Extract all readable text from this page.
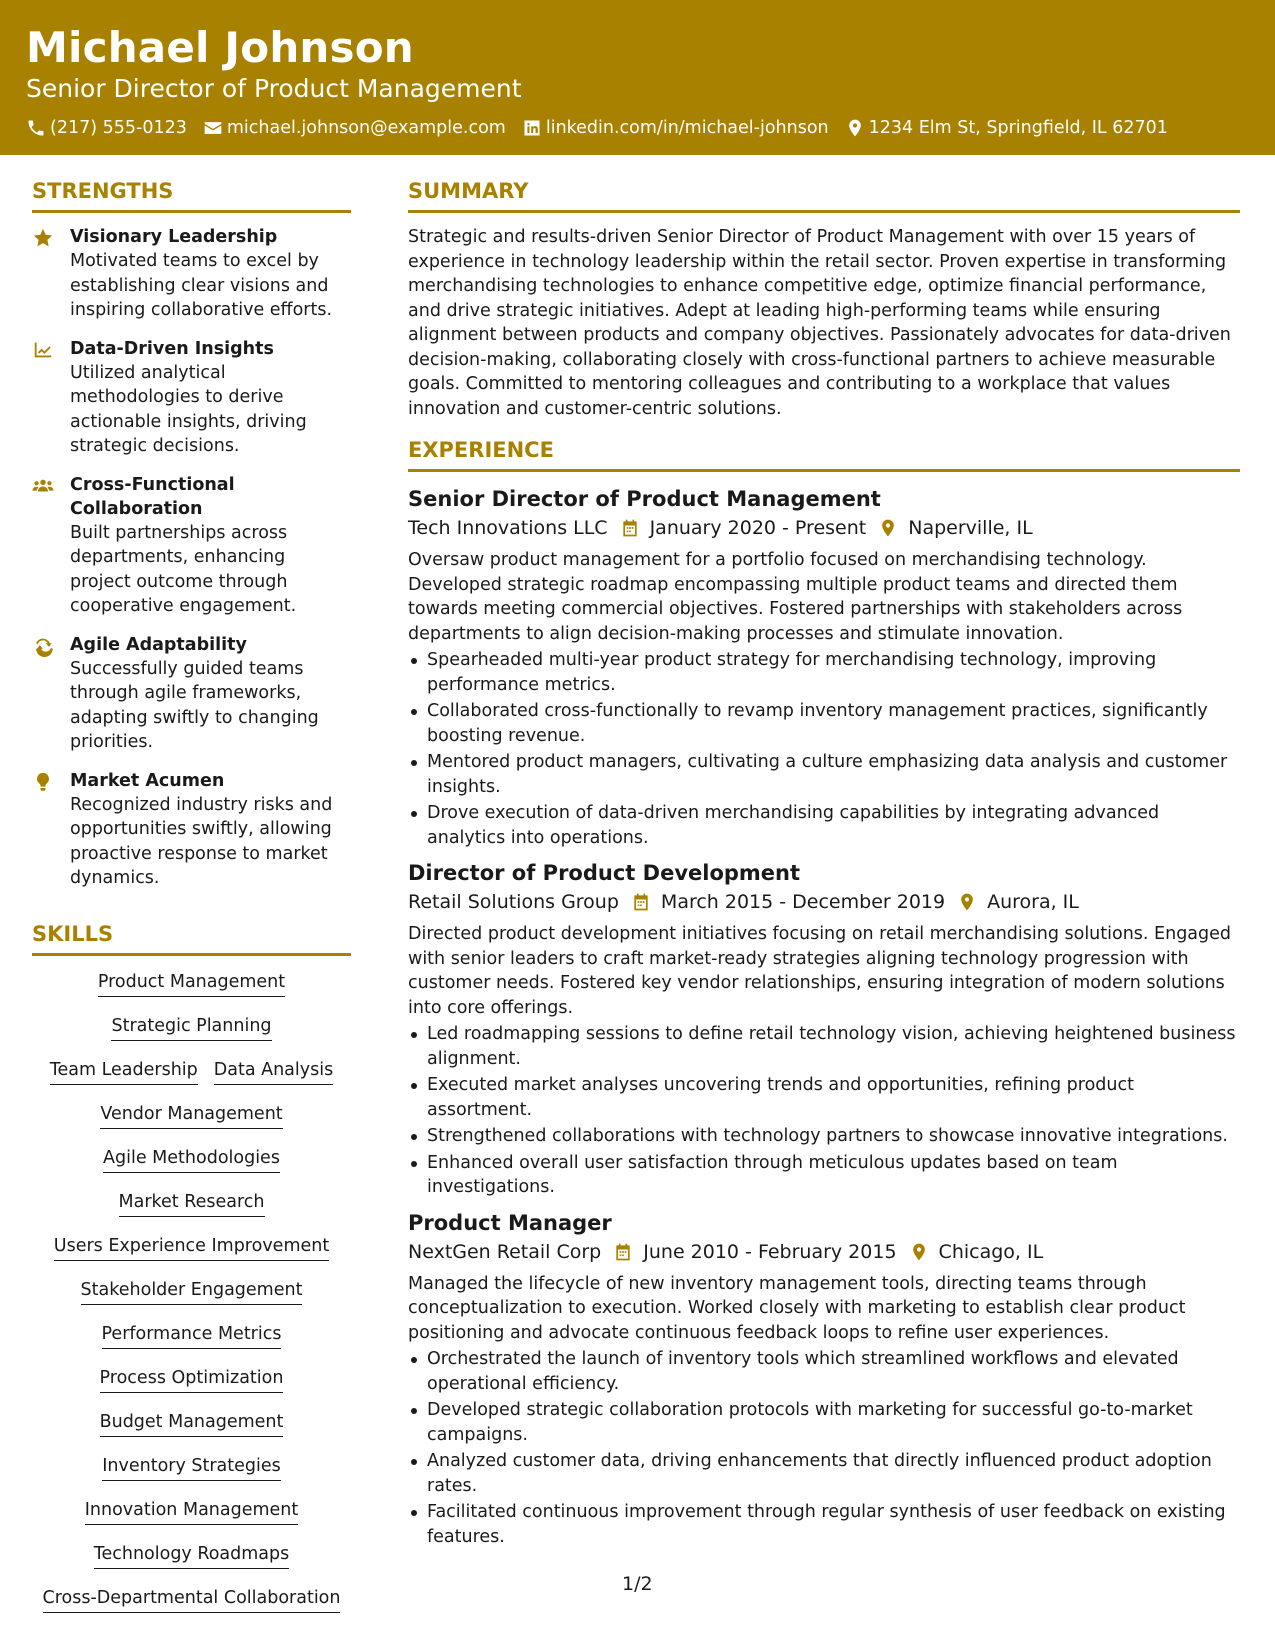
Michael Johnson
Senior Director of Product Management
(217) 555-0123 michael.johnson@example.com linkedin.com/in/michael-johnson 1234 Elm St, Springfield, IL 62701
STRENGTHS
Visionary Leadership
Motivated teams to excel by establishing clear visions and inspiring collaborative efforts.
Data-Driven Insights
Utilized analytical methodologies to derive actionable insights, driving strategic decisions.
Cross-Functional Collaboration
Built partnerships across departments, enhancing project outcome through cooperative engagement.
Agile Adaptability
Successfully guided teams through agile frameworks, adapting swiftly to changing priorities.
Market Acumen
Recognized industry risks and opportunities swiftly, allowing proactive response to market dynamics.
SKILLS
Product Management
Strategic Planning
Team Leadership Data Analysis
Vendor Management
Agile Methodologies
Market Research
Users Experience Improvement
Stakeholder Engagement
Performance Metrics
Process Optimization
Budget Management
Inventory Strategies
Innovation Management
Technology Roadmaps
Cross-Departmental Collaboration
SUMMARY
Strategic and results-driven Senior Director of Product Management with over 15 years of experience in technology leadership within the retail sector. Proven expertise in transforming merchandising technologies to enhance competitive edge, optimize financial performance, and drive strategic initiatives. Adept at leading high-performing teams while ensuring alignment between products and company objectives. Passionately advocates for data-driven decision-making, collaborating closely with cross-functional partners to achieve measurable goals. Committed to mentoring colleagues and contributing to a workplace that values innovation and customer-centric solutions.
EXPERIENCE
Senior Director of Product Management
Tech Innovations LLC January 2020 - Present Naperville, IL
Oversaw product management for a portfolio focused on merchandising technology. Developed strategic roadmap encompassing multiple product teams and directed them towards meeting commercial objectives. Fostered partnerships with stakeholders across departments to align decision-making processes and stimulate innovation.
Spearheaded multi-year product strategy for merchandising technology, improving performance metrics.
Collaborated cross-functionally to revamp inventory management practices, significantly boosting revenue.
Mentored product managers, cultivating a culture emphasizing data analysis and customer insights.
Drove execution of data-driven merchandising capabilities by integrating advanced analytics into operations.
Director of Product Development
Retail Solutions Group March 2015 - December 2019 Aurora, IL
Directed product development initiatives focusing on retail merchandising solutions. Engaged with senior leaders to craft market-ready strategies aligning technology progression with customer needs. Fostered key vendor relationships, ensuring integration of modern solutions into core offerings.
Led roadmapping sessions to define retail technology vision, achieving heightened business alignment.
Executed market analyses uncovering trends and opportunities, refining product assortment.
Strengthened collaborations with technology partners to showcase innovative integrations.
Enhanced overall user satisfaction through meticulous updates based on team investigations.
Product Manager
NextGen Retail Corp June 2010 - February 2015 Chicago, IL
Managed the lifecycle of new inventory management tools, directing teams through conceptualization to execution. Worked closely with marketing to establish clear product positioning and advocate continuous feedback loops to refine user experiences.
Orchestrated the launch of inventory tools which streamlined workflows and elevated operational efficiency.
Developed strategic collaboration protocols with marketing for successful go-to-market campaigns.
Analyzed customer data, driving enhancements that directly influenced product adoption rates.
Facilitated continuous improvement through regular synthesis of user feedback on existing features.
1/2
